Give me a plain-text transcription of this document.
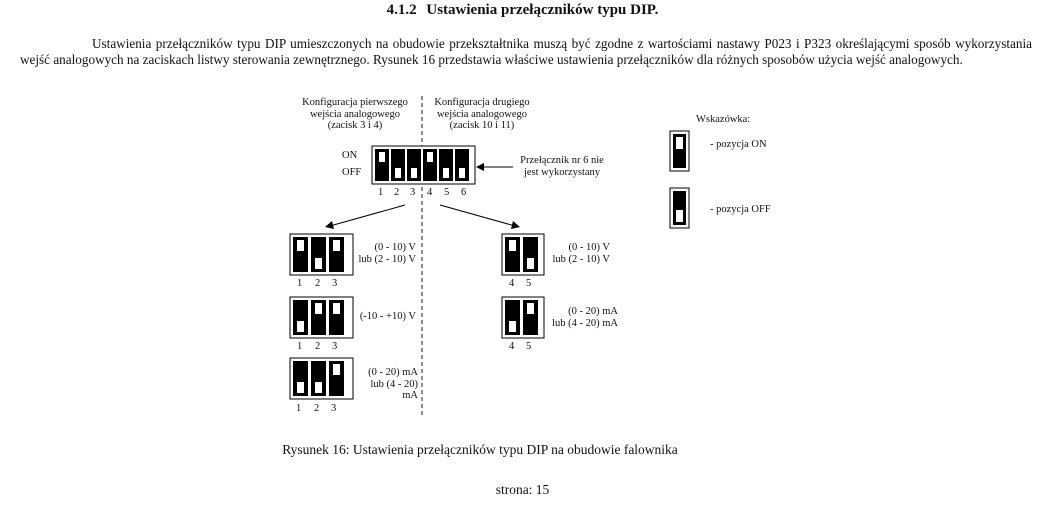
4.1.2 Ustawienia przełączników typu DIP.
Ustawienia przełączników typu DIP umieszczonych na obudowie przekształtnika muszą być zgodne z wartościami nastawy P023 i P323 określającymi sposób wykorzystania wejść analogowych na zaciskach listwy sterowania zewnętrznego. Rysunek 16 przedstawia właściwe ustawienia przełączników dla różnych sposobów użycia wejść analogowych.
Konfiguracja pierwszego
wejścia analogowego
(zacisk 3 i 4)
Konfiguracja drugiego
wejścia analogowego
(zacisk 10 i 11)
ON
OFF
1 2 3 4 5 6
Przełącznik nr 6 nie
jest wykorzystany
1 2 3
(0 - 10) V
lub (2 - 10) V
1 2 3
(-10 - +10) V
1 2 3
(0 - 20) mA
lub (4 - 20) mA
4 5
(0 - 10) V
lub (2 - 10) V
4 5
(0 - 20) mA
lub (4 - 20) mA
Wskazówka:
- pozycja ON
- pozycja OFF
Rysunek 16: Ustawienia przełączników typu DIP na obudowie falownika
strona: 15
